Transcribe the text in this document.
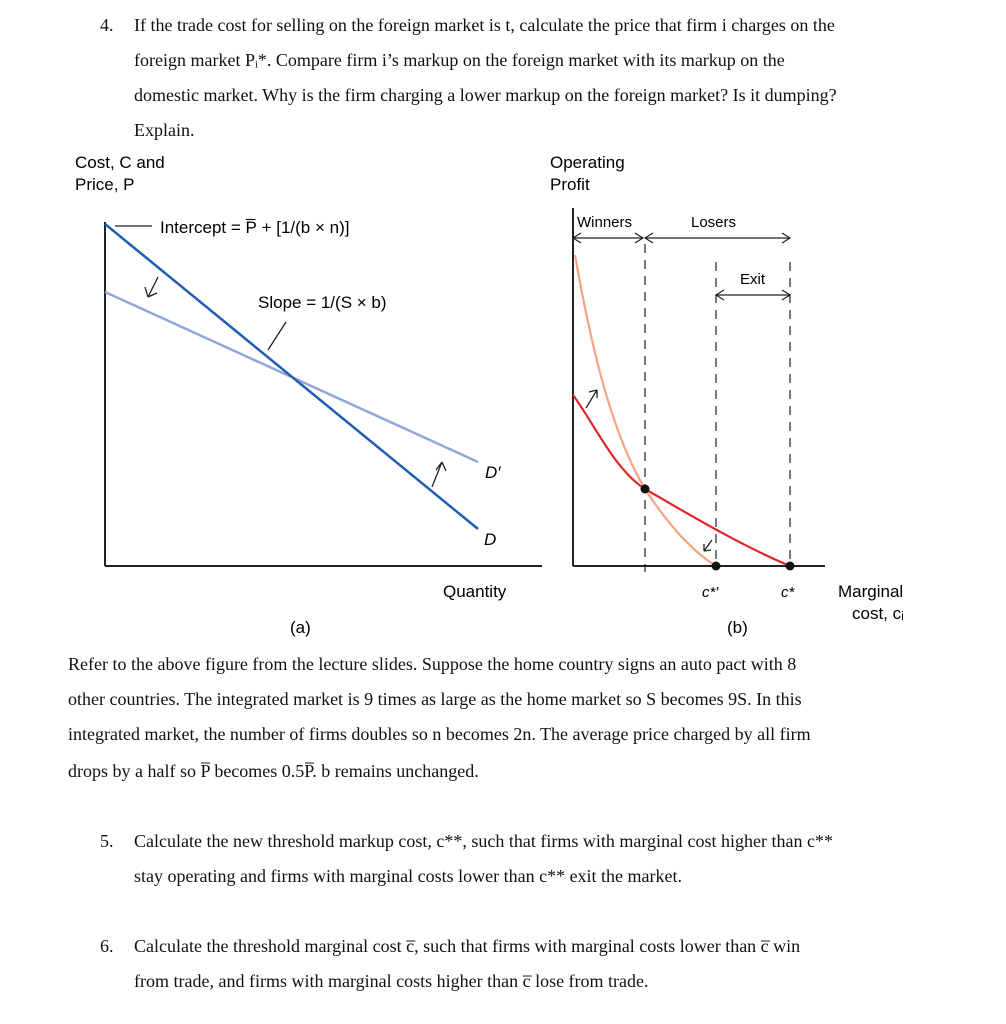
4. If the trade cost for selling on the foreign market is t, calculate the price that firm i charges on the
foreign market Pᵢ*. Compare firm i’s markup on the foreign market with its markup on the
domestic market. Why is the firm charging a lower markup on the foreign market? Is it dumping?
Explain.
Cost, C and
Price, P
Intercept = P̅ + [1/(b × n)]
Slope = 1/(S × b)
D′
D
Quantity
(a)
Operating
Profit
Winners	Losers
Exit
c*′	c*	Marginal
cost, cᵢ
(b)
Refer to the above figure from the lecture slides. Suppose the home country signs an auto pact with 8
other countries. The integrated market is 9 times as large as the home market so S becomes 9S. In this
integrated market, the number of firms doubles so n becomes 2n. The average price charged by all firm
drops by a half so P̅ becomes 0.5P̅. b remains unchanged.
5. Calculate the new threshold markup cost, c**, such that firms with marginal cost higher than c**
stay operating and firms with marginal costs lower than c** exit the market.
6. Calculate the threshold marginal cost c̅, such that firms with marginal costs lower than c̅ win
from trade, and firms with marginal costs higher than c̅ lose from trade.
